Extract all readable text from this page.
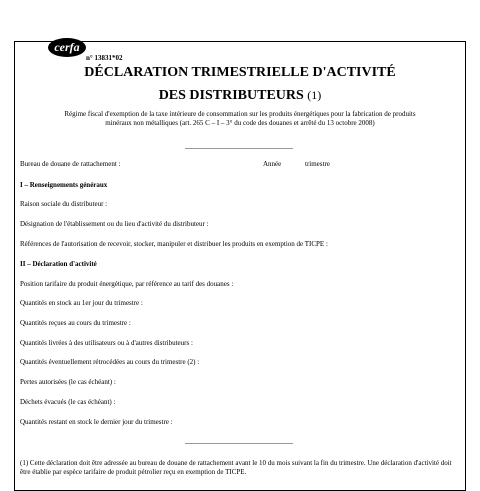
cerfa
n° 13831*02
DÉCLARATION TRIMESTRIELLE D'ACTIVITÉ
DES DISTRIBUTEURS (1)
Régime fiscal d'exemption de la taxe intérieure de consommation sur les produits énergétiques pour la fabrication de produits minéraux non métalliques (art. 265 C – I – 3° du code des douanes et arrêté du 13 octobre 2008)
Bureau de douane de rattachement :	Année	trimestre
I – Renseignements généraux
Raison sociale du distributeur :
Désignation de l'établissement ou du lieu d'activité du distributeur :
Références de l'autorisation de recevoir, stocker, manipuler et distribuer les produits en exemption de TICPE :
II – Déclaration d'activité
Position tarifaire du produit énergétique, par référence au tarif des douanes :
Quantités en stock au 1er jour du trimestre :
Quantités reçues au cours du trimestre :
Quantités livrées à des utilisateurs ou à d'autres distributeurs :
Quantités éventuellement rétrocédées au cours du trimestre (2) :
Pertes autorisées (le cas échéant) :
Déchets évacués (le cas échéant) :
Quantités restant en stock le dernier jour du trimestre :
(1) Cette déclaration doit être adressée au bureau de douane de rattachement avant le 10 du mois suivant la fin du trimestre. Une déclaration d'activité doit être établie par espèce tarifaire de produit pétrolier reçu en exemption de TICPE.
